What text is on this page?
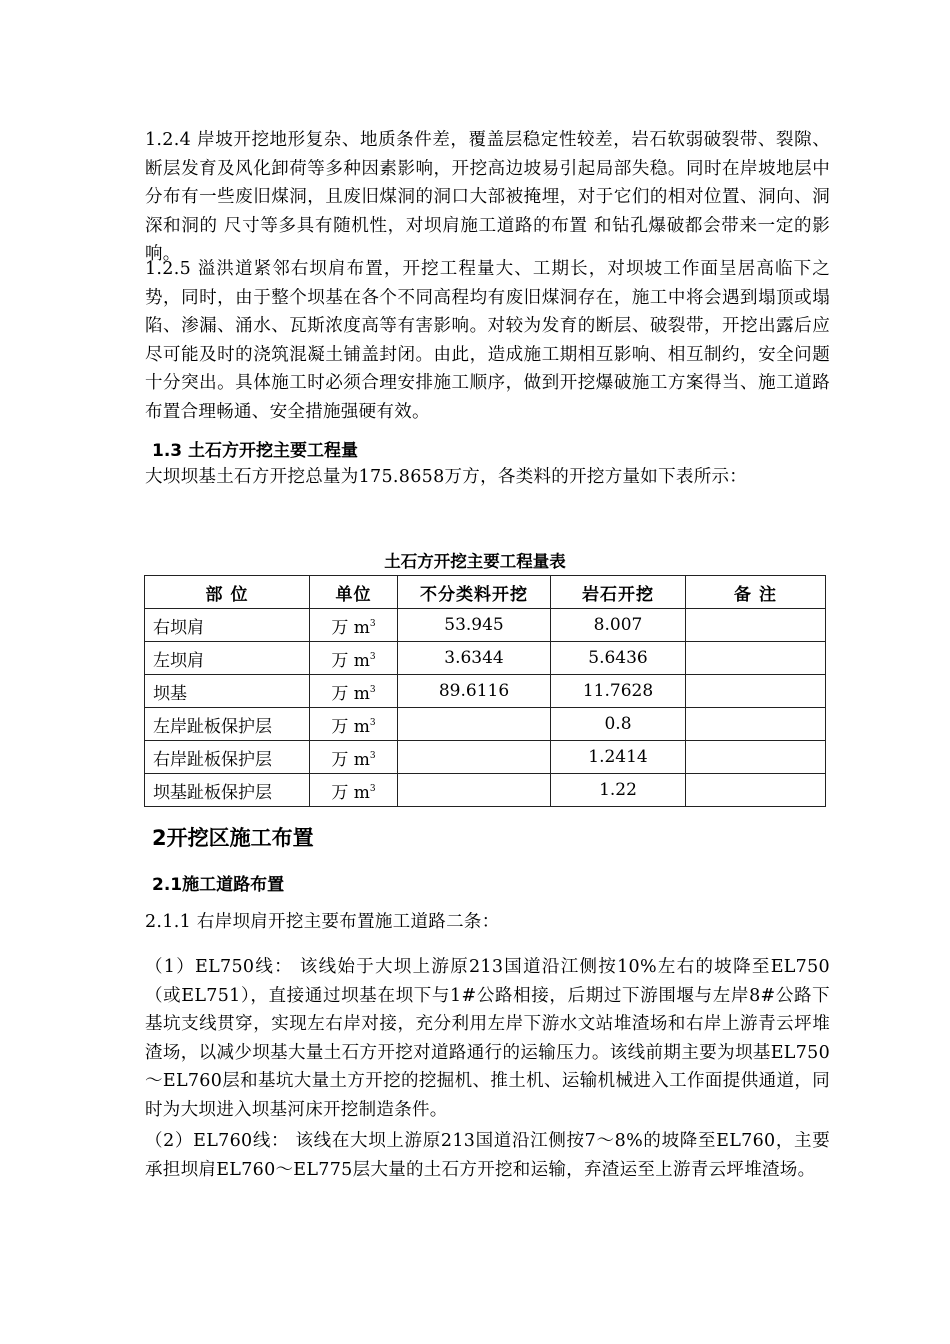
1.2.4 岸坡开挖地形复杂、地质条件差，覆盖层稳定性较差，岩石软弱破裂带、裂隙、断层发育及风化卸荷等多种因素影响，开挖高边坡易引起局部失稳。同时在岸坡地层中分布有一些废旧煤洞，且废旧煤洞的洞口大部被掩埋，对于它们的相对位置、洞向、洞深和洞的 尺寸等多具有随机性，对坝肩施工道路的布置 和钻孔爆破都会带来一定的影响。

1.2.5 溢洪道紧邻右坝肩布置，开挖工程量大、工期长，对坝坡工作面呈居高临下之势，同时，由于整个坝基在各个不同高程均有废旧煤洞存在，施工中将会遇到塌顶或塌陷、渗漏、涌水、瓦斯浓度高等有害影响。对较为发育的断层、破裂带，开挖出露后应尽可能及时的浇筑混凝土铺盖封闭。由此，造成施工期相互影响、相互制约，安全问题十分突出。具体施工时必须合理安排施工顺序，做到开挖爆破施工方案得当、施工道路布置合理畅通、安全措施强硬有效。

1.3 土石方开挖主要工程量

大坝坝基土石方开挖总量为175.8658万方，各类料的开挖方量如下表所示：

土石方开挖主要工程量表

部 位	单位	不分类料开挖	岩石开挖	备 注
右坝肩	万 $m^3$	53.945	8.007	
左坝肩	万 $m^3$	3.6344	5.6436	
坝基	万 $m^3$	89.6116	11.7628	
左岸趾板保护层	万 $m^3$		0.8	
右岸趾板保护层	万 $m^3$		1.2414	
坝基趾板保护层	万 $m^3$		1.22	

2开挖区施工布置

2.1施工道路布置

2.1.1 右岸坝肩开挖主要布置施工道路二条：

（1）EL750线： 该线始于大坝上游原213国道沿江侧按10%左右的坡降至EL750（或EL751），直接通过坝基在坝下与1#公路相接，后期过下游围堰与左岸8#公路下基坑支线贯穿，实现左右岸对接，充分利用左岸下游水文站堆渣场和右岸上游青云坪堆渣场，以减少坝基大量土石方开挖对道路通行的运输压力。该线前期主要为坝基EL750～EL760层和基坑大量土方开挖的挖掘机、推土机、运输机械进入工作面提供通道，同时为大坝进入坝基河床开挖制造条件。

（2）EL760线： 该线在大坝上游原213国道沿江侧按7～8%的坡降至EL760，主要承担坝肩EL760～EL775层大量的土石方开挖和运输，弃渣运至上游青云坪堆渣场。
